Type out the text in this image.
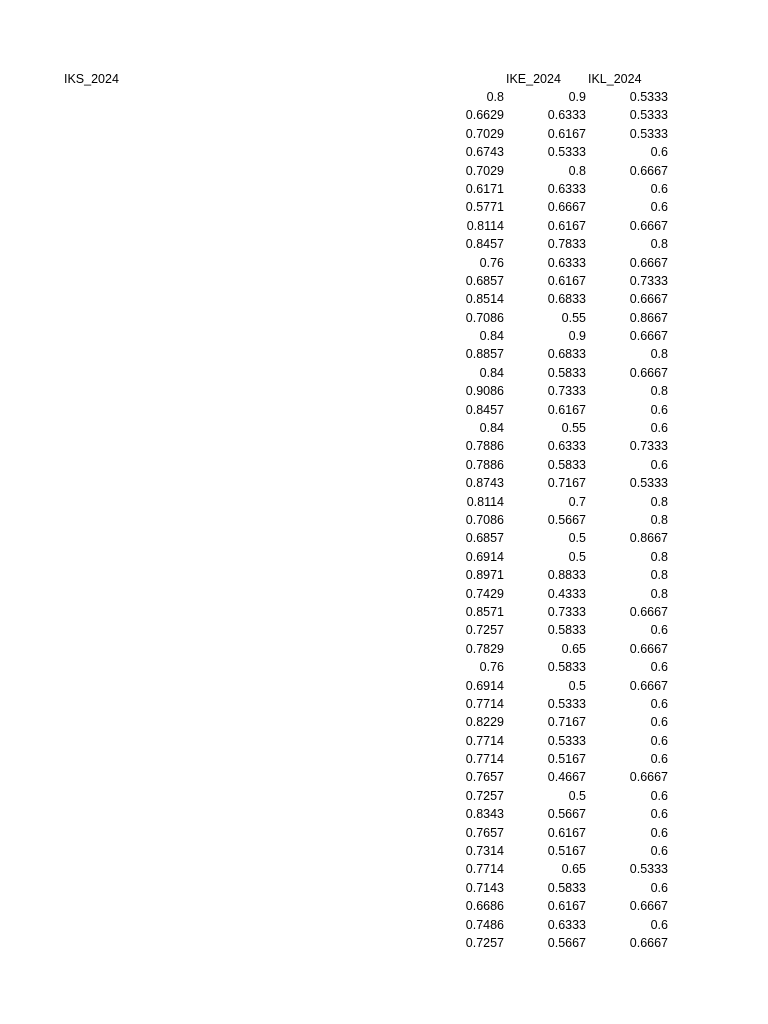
IKS_2024	IKE_2024 IKL_2024
0.8	0.9	0.5333
0.6629	0.6333	0.5333
0.7029	0.6167	0.5333
0.6743	0.5333	0.6
0.7029	0.8	0.6667
0.6171	0.6333	0.6
0.5771	0.6667	0.6
0.8114	0.6167	0.6667
0.8457	0.7833	0.8
0.76	0.6333	0.6667
0.6857	0.6167	0.7333
0.8514	0.6833	0.6667
0.7086	0.55	0.8667
0.84	0.9	0.6667
0.8857	0.6833	0.8
0.84	0.5833	0.6667
0.9086	0.7333	0.8
0.8457	0.6167	0.6
0.84	0.55	0.6
0.7886	0.6333	0.7333
0.7886	0.5833	0.6
0.8743	0.7167	0.5333
0.8114	0.7	0.8
0.7086	0.5667	0.8
0.6857	0.5	0.8667
0.6914	0.5	0.8
0.8971	0.8833	0.8
0.7429	0.4333	0.8
0.8571	0.7333	0.6667
0.7257	0.5833	0.6
0.7829	0.65	0.6667
0.76	0.5833	0.6
0.6914	0.5	0.6667
0.7714	0.5333	0.6
0.8229	0.7167	0.6
0.7714	0.5333	0.6
0.7714	0.5167	0.6
0.7657	0.4667	0.6667
0.7257	0.5	0.6
0.8343	0.5667	0.6
0.7657	0.6167	0.6
0.7314	0.5167	0.6
0.7714	0.65	0.5333
0.7143	0.5833	0.6
0.6686	0.6167	0.6667
0.7486	0.6333	0.6
0.7257	0.5667	0.6667
